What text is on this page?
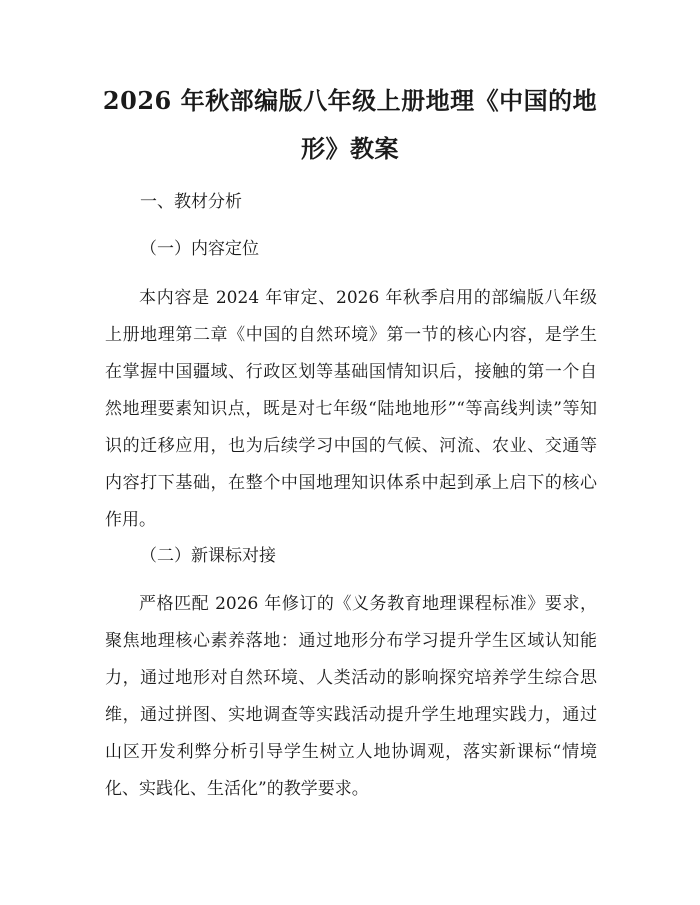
2026 年秋部编版八年级上册地理《中国的地
形》教案
一、教材分析
（一）内容定位
本内容是 2024 年审定、2026 年秋季启用的部编版八年级上册地理第二章《中国的自然环境》第一节的核心内容，是学生在掌握中国疆域、行政区划等基础国情知识后，接触的第一个自然地理要素知识点，既是对七年级“陆地地形”“等高线判读”等知识的迁移应用，也为后续学习中国的气候、河流、农业、交通等内容打下基础，在整个中国地理知识体系中起到承上启下的核心作用。
（二）新课标对接
严格匹配 2026 年修订的《义务教育地理课程标准》要求，聚焦地理核心素养落地：通过地形分布学习提升学生区域认知能力，通过地形对自然环境、人类活动的影响探究培养学生综合思维，通过拼图、实地调查等实践活动提升学生地理实践力，通过山区开发利弊分析引导学生树立人地协调观，落实新课标“情境化、实践化、生活化”的教学要求。
